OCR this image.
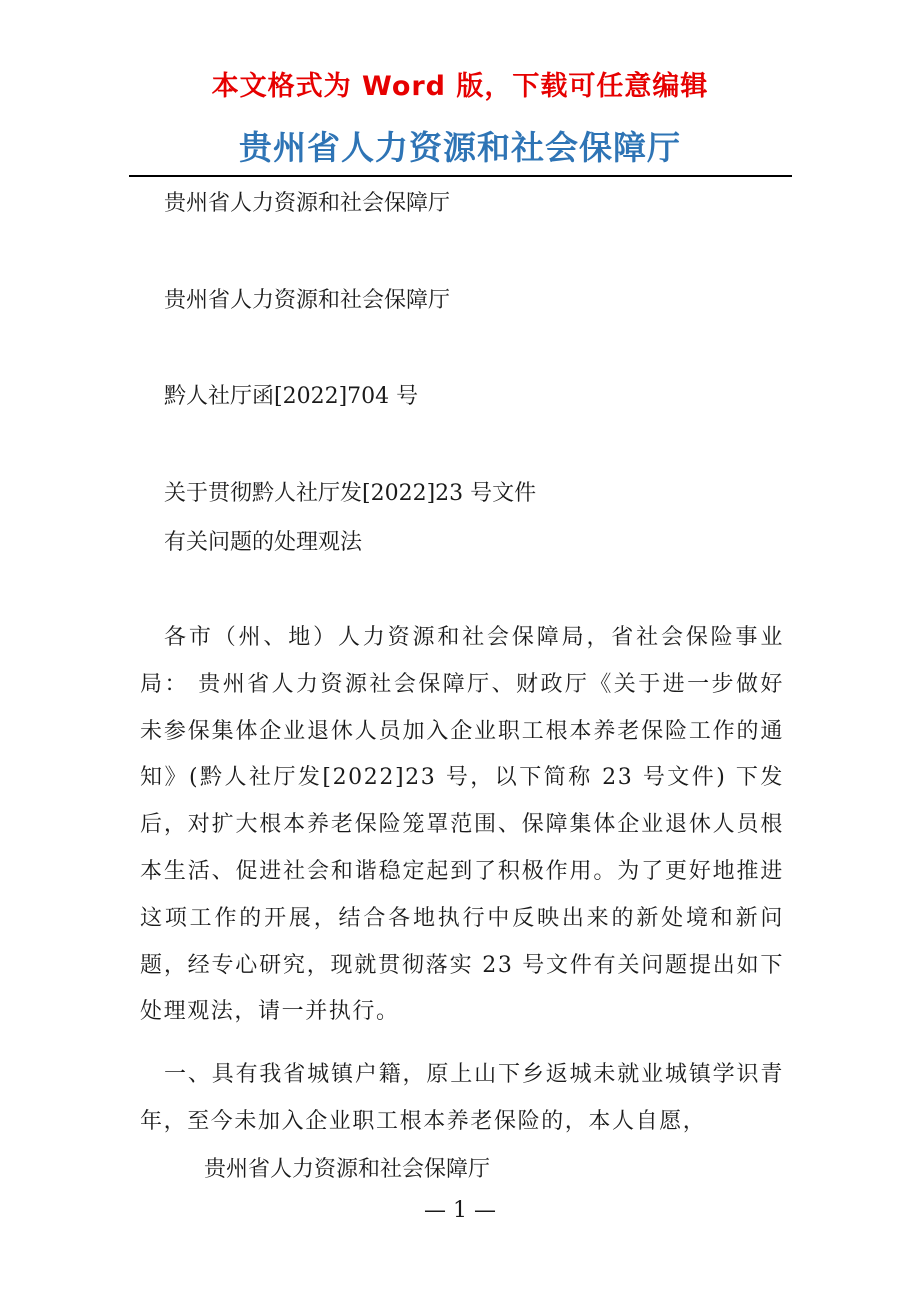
本文格式为 Word 版，下载可任意编辑
贵州省人力资源和社会保障厅
贵州省人力资源和社会保障厅
贵州省人力资源和社会保障厅
黔人社厅函[2022]704 号
关于贯彻黔人社厅发[2022]23 号文件
有关问题的处理观法

各市（州、地）人力资源和社会保障局，省社会保险事业局： 贵州省人力资源社会保障厅、财政厅《关于进一步做好未参保集体企业退休人员加入企业职工根本养老保险工作的通知》(黔人社厅发[2022]23 号，以下简称 23 号文件) 下发后，对扩大根本养老保险笼罩范围、保障集体企业退休人员根本生活、促进社会和谐稳定起到了积极作用。为了更好地推进这项工作的开展，结合各地执行中反映出来的新处境和新问题，经专心研究，现就贯彻落实 23 号文件有关问题提出如下处理观法，请一并执行。

一、具有我省城镇户籍，原上山下乡返城未就业城镇学识青年，至今未加入企业职工根本养老保险的，本人自愿，

贵州省人力资源和社会保障厅
— 1 —
